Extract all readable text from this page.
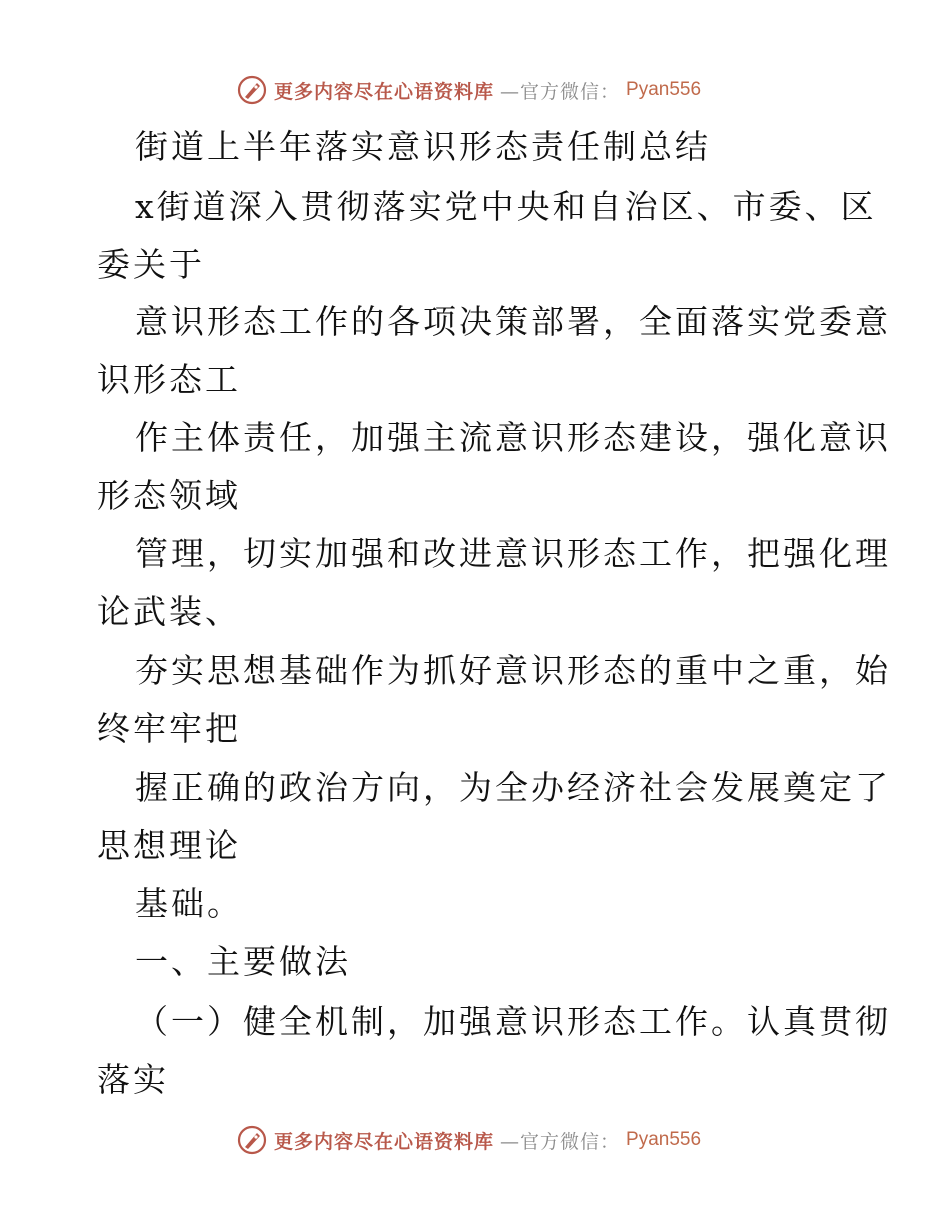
更多内容尽在心语资料库 —官方微信： Pyan556
街道上半年落实意识形态责任制总结
x街道深入贯彻落实党中央和自治区、市委、区
委关于
意识形态工作的各项决策部署，全面落实党委意
识形态工
作主体责任，加强主流意识形态建设，强化意识
形态领域
管理，切实加强和改进意识形态工作，把强化理
论武装、
夯实思想基础作为抓好意识形态的重中之重，始
终牢牢把
握正确的政治方向，为全办经济社会发展奠定了
思想理论
基础。
一、主要做法
（一）健全机制，加强意识形态工作。认真贯彻
落实
更多内容尽在心语资料库 —官方微信： Pyan556
